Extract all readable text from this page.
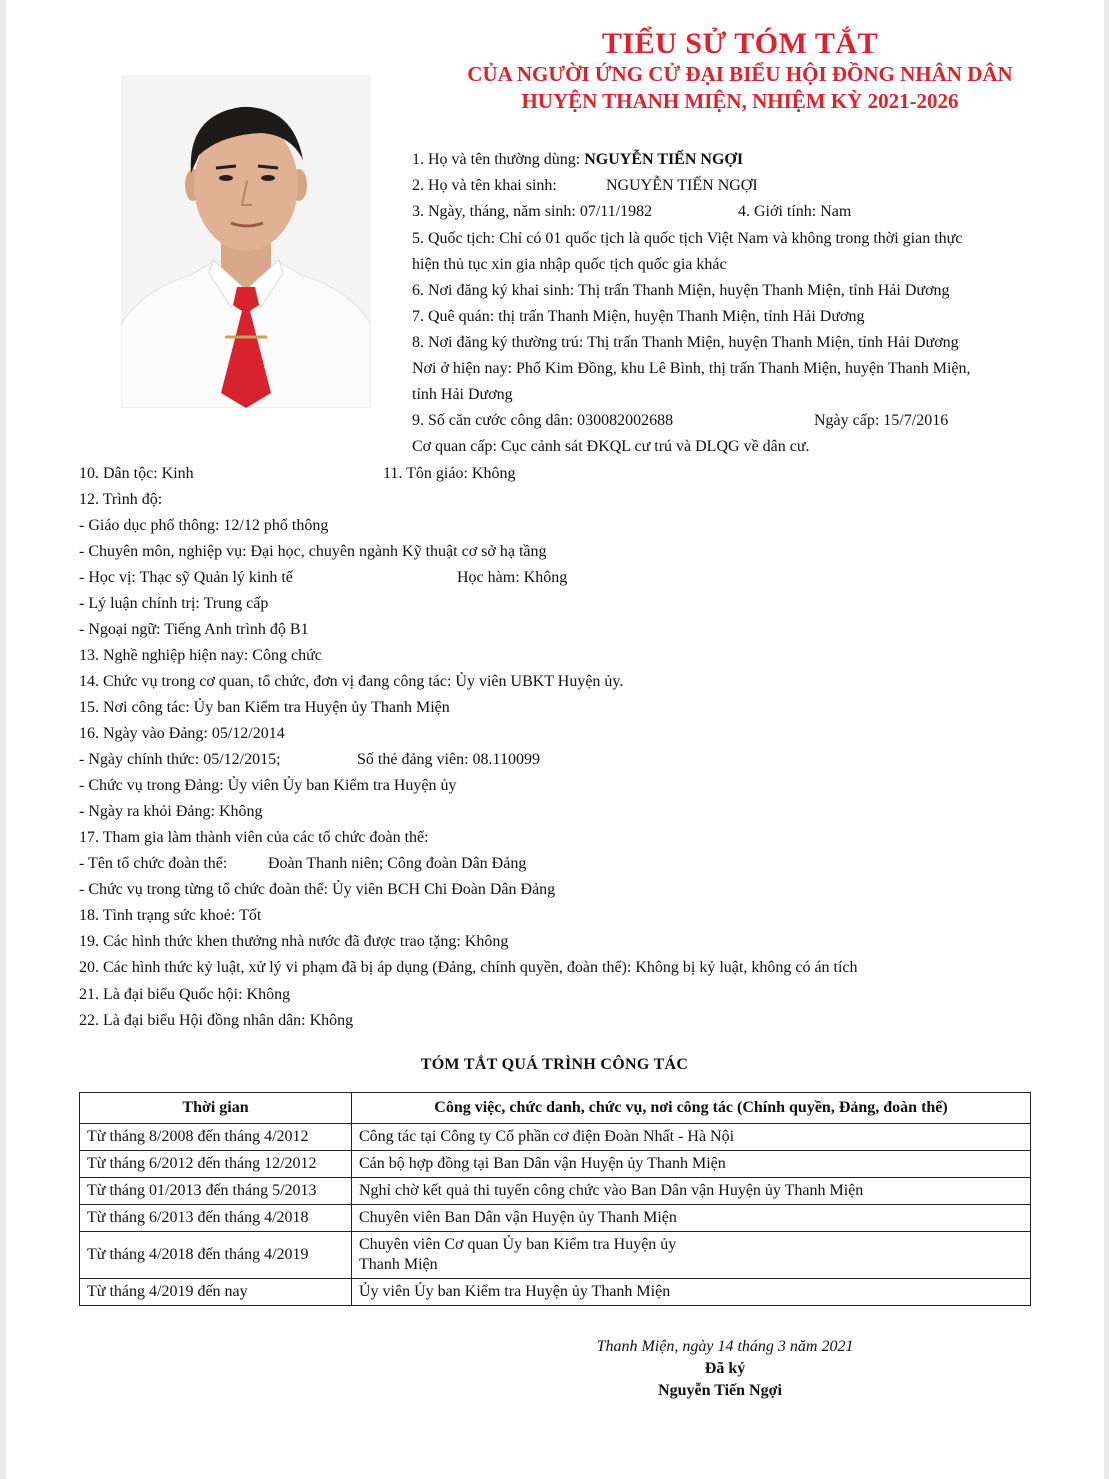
TIỂU SỬ TÓM TẮT
CỦA NGƯỜI ỨNG CỬ ĐẠI BIỂU HỘI ĐỒNG NHÂN DÂN
HUYỆN THANH MIỆN, NHIỆM KỲ 2021-2026
1. Họ và tên thường dùng: NGUYỄN TIẾN NGỢI
2. Họ và tên khai sinh:	NGUYỄN TIẾN NGỢI
3. Ngày, tháng, năm sinh: 07/11/1982	4. Giới tính: Nam
5. Quốc tịch: Chỉ có 01 quốc tịch là quốc tịch Việt Nam và không trong thời gian thực
hiện thủ tục xin gia nhập quốc tịch quốc gia khác
6. Nơi đăng ký khai sinh: Thị trấn Thanh Miện, huyện Thanh Miện, tỉnh Hải Dương
7. Quê quán: thị trấn Thanh Miện, huyện Thanh Miện, tỉnh Hải Dương
8. Nơi đăng ký thường trú: Thị trấn Thanh Miện, huyện Thanh Miện, tỉnh Hải Dương
Nơi ở hiện nay: Phố Kim Đồng, khu Lê Bình, thị trấn Thanh Miện, huyện Thanh Miện,
tỉnh Hải Dương
9. Số căn cước công dân: 030082002688	Ngày cấp: 15/7/2016
Cơ quan cấp: Cục cảnh sát ĐKQL cư trú và DLQG về dân cư.
10. Dân tộc: Kinh	11. Tôn giáo: Không
12. Trình độ:
- Giáo dục phổ thông: 12/12 phổ thông
- Chuyên môn, nghiệp vụ: Đại học, chuyên ngành Kỹ thuật cơ sở hạ tầng
- Học vị: Thạc sỹ Quản lý kinh tế	Học hàm: Không
- Lý luận chính trị: Trung cấp
- Ngoại ngữ: Tiếng Anh trình độ B1
13. Nghề nghiệp hiện nay: Công chức
14. Chức vụ trong cơ quan, tổ chức, đơn vị đang công tác: Ủy viên UBKT Huyện ủy.
15. Nơi công tác: Ủy ban Kiểm tra Huyện ủy Thanh Miện
16. Ngày vào Đảng: 05/12/2014
- Ngày chính thức: 05/12/2015;	Số thẻ đảng viên: 08.110099
- Chức vụ trong Đảng: Ủy viên Ủy ban Kiểm tra Huyện ủy
- Ngày ra khỏi Đảng: Không
17. Tham gia làm thành viên của các tổ chức đoàn thể:
- Tên tổ chức đoàn thể:	Đoàn Thanh niên; Công đoàn Dân Đảng
- Chức vụ trong từng tổ chức đoàn thể: Ủy viên BCH Chi Đoàn Dân Đảng
18. Tình trạng sức khoẻ: Tốt
19. Các hình thức khen thưởng nhà nước đã được trao tặng: Không
20. Các hình thức kỷ luật, xử lý vi phạm đã bị áp dụng (Đảng, chính quyền, đoàn thể): Không bị kỷ luật, không có án tích
21. Là đại biểu Quốc hội: Không
22. Là đại biểu Hội đồng nhân dân: Không
TÓM TẮT QUÁ TRÌNH CÔNG TÁC
Thời gian	Công việc, chức danh, chức vụ, nơi công tác (Chính quyền, Đảng, đoàn thể)
Từ tháng 8/2008 đến tháng 4/2012	Công tác tại Công ty Cổ phần cơ điện Đoàn Nhất - Hà Nội
Từ tháng 6/2012 đến tháng 12/2012	Cán bộ hợp đồng tại Ban Dân vận Huyện ủy Thanh Miện
Từ tháng 01/2013 đến tháng 5/2013	Nghỉ chờ kết quả thi tuyển công chức vào Ban Dân vận Huyện ủy Thanh Miện
Từ tháng 6/2013 đến tháng 4/2018	Chuyên viên Ban Dân vận Huyện ủy Thanh Miện
Từ tháng 4/2018 đến tháng 4/2019	Chuyên viên Cơ quan Ủy ban Kiểm tra Huyện ủy
Thanh Miện

Từ tháng 4/2019 đến nay	Ủy viên Ủy ban Kiểm tra Huyện ủy Thanh Miện
Thanh Miện, ngày 14 tháng 3 năm 2021
Đã ký
Nguyễn Tiến Ngợi
